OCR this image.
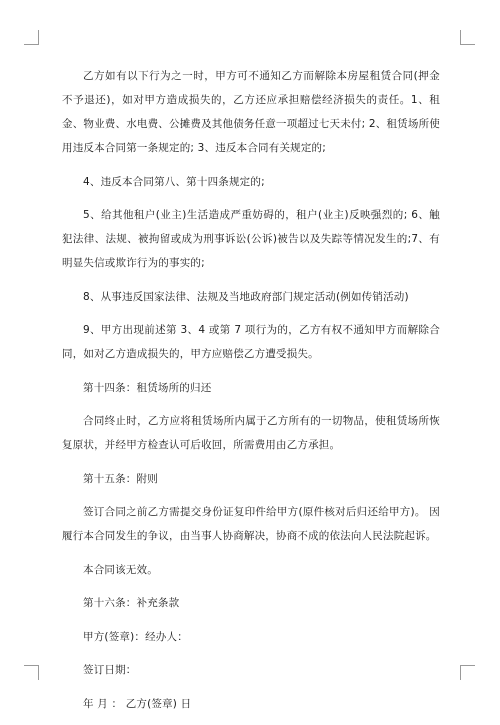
乙方如有以下行为之一时，甲方可不通知乙方而解除本房屋租赁合同(押金不予退还)，如对甲方造成损失的，乙方还应承担赔偿经济损失的责任。1、租金、物业费、水电费、公摊费及其他债务任意一项超过七天未付; 2、租赁场所使用违反本合同第一条规定的; 3、违反本合同有关规定的;

4、违反本合同第八、第十四条规定的;

5、给其他租户(业主)生活造成严重妨碍的，租户(业主)反映强烈的; 6、触犯法律、法规、被拘留或成为刑事诉讼(公诉)被告以及失踪等情况发生的;7、有明显失信或欺诈行为的事实的;

8、从事违反国家法律、法规及当地政府部门规定活动(例如传销活动)

9、甲方出现前述第 3、4 或第 7 项行为的，乙方有权不通知甲方而解除合同，如对乙方造成损失的，甲方应赔偿乙方遭受损失。

第十四条：租赁场所的归还

合同终止时，乙方应将租赁场所内属于乙方所有的一切物品，使租赁场所恢复原状，并经甲方检查认可后收回，所需费用由乙方承担。

第十五条：附则

签订合同之前乙方需提交身份证复印件给甲方(原件核对后归还给甲方)。 因履行本合同发生的争议，由当事人协商解决，协商不成的依法向人民法院起诉。

本合同该无效。

第十六条：补充条款

甲方(签章)：经办人：

签订日期：

年 月 ： 乙方(签章) 日
